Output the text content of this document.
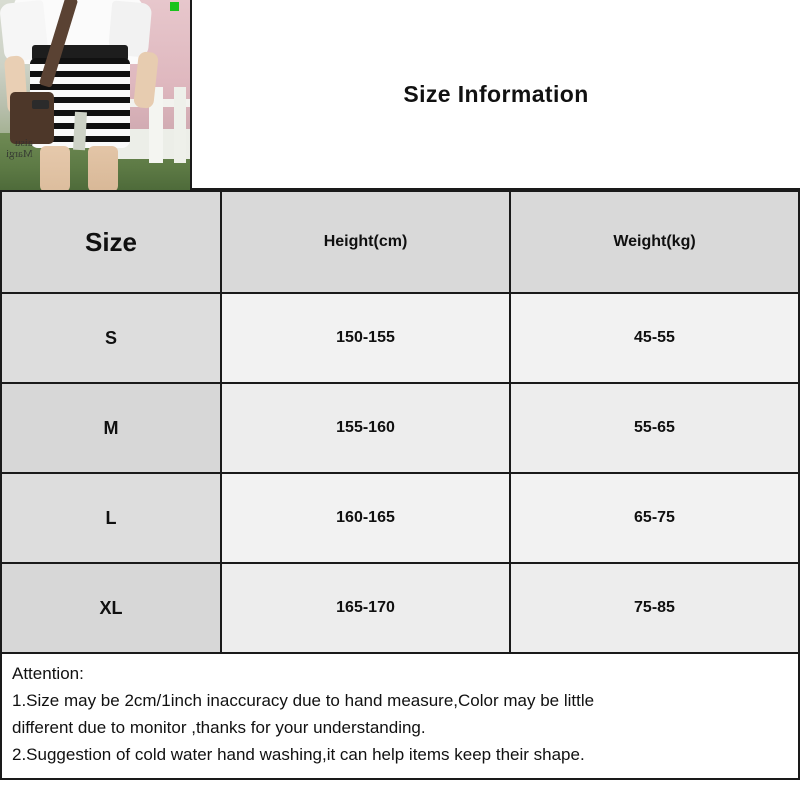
aisu
Margi
Size Information
Size	Height(cm)	Weight(kg)
S	150-155	45-55
M	155-160	55-65
L	160-165	65-75
XL	165-170	75-85

Attention:

1.Size may be 2cm/1inch inaccuracy due to hand measure,Color may be little

different due to monitor ,thanks for your understanding.

2.Suggestion of cold water hand washing,it can help items keep their shape.
